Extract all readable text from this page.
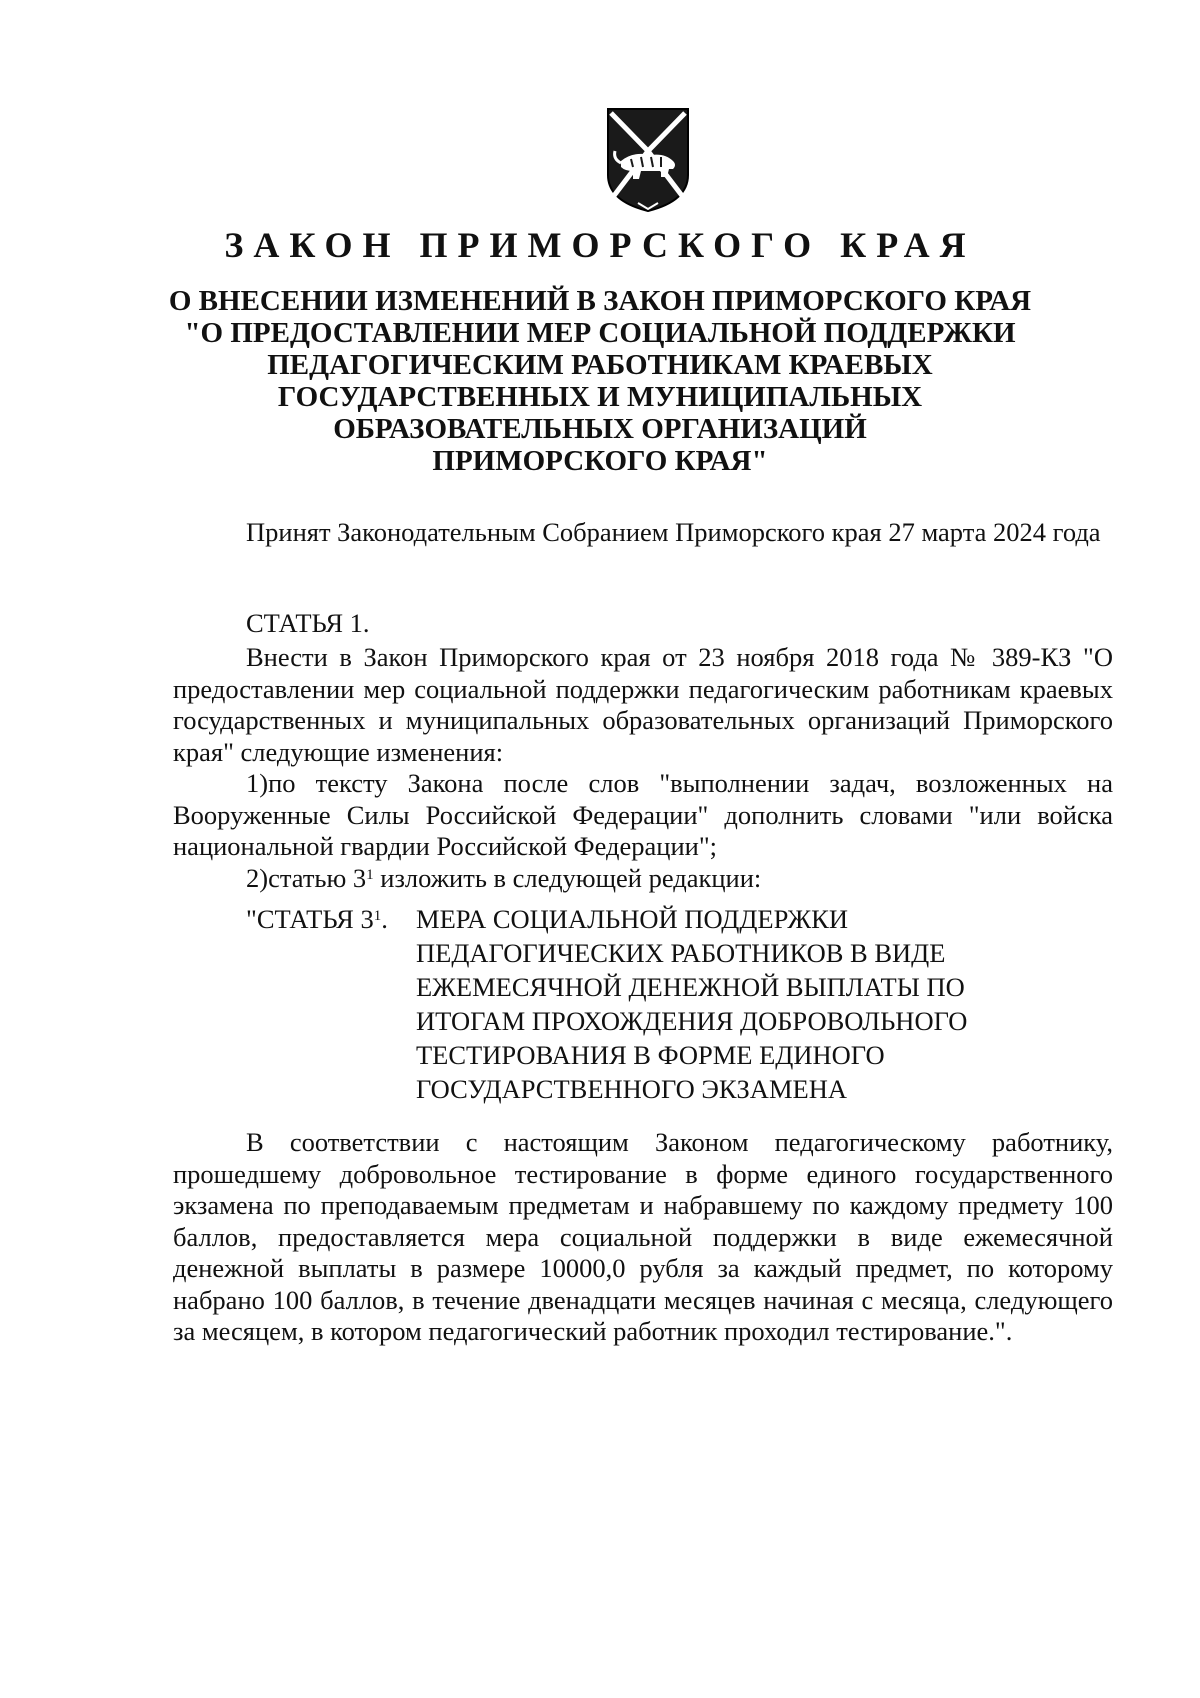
ЗАКОН ПРИМОРСКОГО КРАЯ
О ВНЕСЕНИИ ИЗМЕНЕНИЙ В ЗАКОН ПРИМОРСКОГО КРАЯ
"О ПРЕДОСТАВЛЕНИИ МЕР СОЦИАЛЬНОЙ ПОДДЕРЖКИ
ПЕДАГОГИЧЕСКИМ РАБОТНИКАМ КРАЕВЫХ
ГОСУДАРСТВЕННЫХ И МУНИЦИПАЛЬНЫХ
ОБРАЗОВАТЕЛЬНЫХ ОРГАНИЗАЦИЙ
ПРИМОРСКОГО КРАЯ"
Принят Законодательным Собранием Приморского края 27 марта 2024 года
СТАТЬЯ 1.
Внести в Закон Приморского края от 23 ноября 2018 года № 389-КЗ "О предоставлении мер социальной поддержки педагогическим работникам краевых государственных и муниципальных образовательных организаций Приморского края" следующие изменения:
1)по тексту Закона после слов "выполнении задач, возложенных на Вооруженные Силы Российской Федерации" дополнить словами "или войска национальной гвардии Российской Федерации";
2)статью $3^1$ изложить в следующей редакции:
"СТАТЬЯ $3^1$. МЕРА СОЦИАЛЬНОЙ ПОДДЕРЖКИ
ПЕДАГОГИЧЕСКИХ РАБОТНИКОВ В ВИДЕ
ЕЖЕМЕСЯЧНОЙ ДЕНЕЖНОЙ ВЫПЛАТЫ ПО
ИТОГАМ ПРОХОЖДЕНИЯ ДОБРОВОЛЬНОГО
ТЕСТИРОВАНИЯ В ФОРМЕ ЕДИНОГО
ГОСУДАРСТВЕННОГО ЭКЗАМЕНА

В соответствии с настоящим Законом педагогическому работнику, прошедшему добровольное тестирование в форме единого государственного экзамена по преподаваемым предметам и набравшему по каждому предмету 100 баллов, предоставляется мера социальной поддержки в виде ежемесячной денежной выплаты в размере 10000,0 рубля за каждый предмет, по которому набрано 100 баллов, в течение двенадцати месяцев начиная с месяца, следующего за месяцем, в котором педагогический работник проходил тестирование.".
